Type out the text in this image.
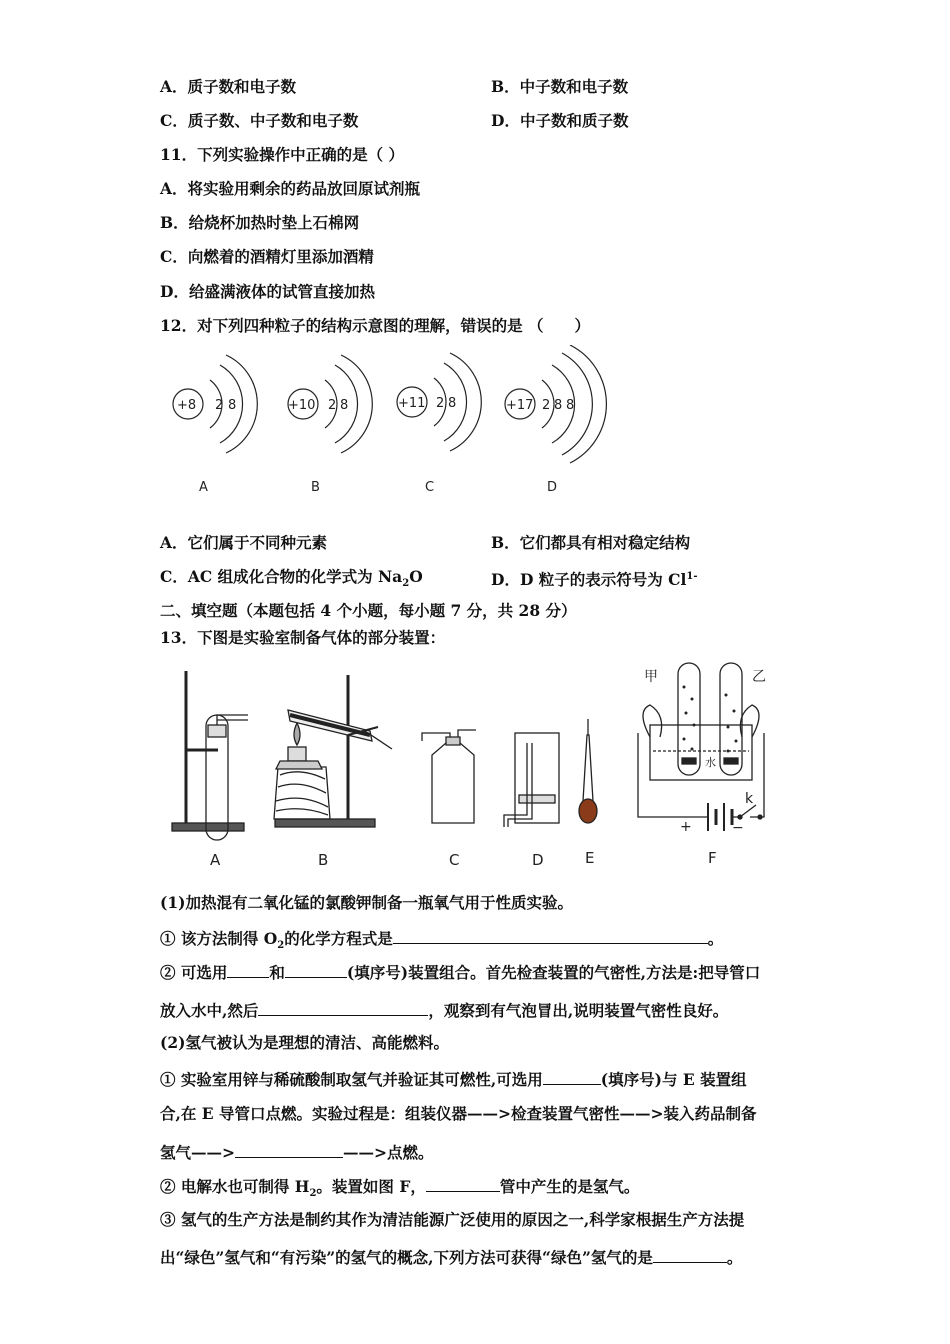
A．质子数和电子数	B．中子数和电子数
C．质子数、中子数和电子数	D．中子数和质子数
11．下列实验操作中正确的是（ ）
A．将实验用剩余的药品放回原试剂瓶
B．给烧杯加热时垫上石棉网
C．向燃着的酒精灯里添加酒精
D．给盛满液体的试管直接加热
12．对下列四种粒子的结构示意图的理解，错误的是 （　　）
+8 2 8
A
+10 2 8
B
+11 2 8
C
+17 2 8 8
D
A．它们属于不同种元素	B．它们都具有相对稳定结构
C．AC 组成化合物的化学式为 $Na_2O$	D．D 粒子的表示符号为 $Cl^{1-}$
二、填空题（本题包括 4 个小题，每小题 7 分，共 28 分）
13．下图是实验室制备气体的部分装置：
甲	乙
水
+	−
k
A	B	C	D	E	F
(1)加热混有二氧化锰的氯酸钾制备一瓶氧气用于性质实验。
① 该方法制得 $O_2$的化学方程式是	。
② 可选用	和	(填序号)装置组合。首先检查装置的气密性,方法是:把导管口
放入水中,然后	，观察到有气泡冒出,说明装置气密性良好。
(2)氢气被认为是理想的清洁、高能燃料。
① 实验室用锌与稀硫酸制取氢气并验证其可燃性,可选用	(填序号)与 E 装置组
合,在 E 导管口点燃。实验过程是：组装仪器——>检查装置气密性——>装入药品制备
氢气——>	——>点燃。
② 电解水也可制得 $H_2$。装置如图 F，	管中产生的是氢气。
③ 氢气的生产方法是制约其作为清洁能源广泛使用的原因之一,科学家根据生产方法提
出“绿色”氢气和“有污染”的氢气的概念,下列方法可获得“绿色”氢气的是	。
